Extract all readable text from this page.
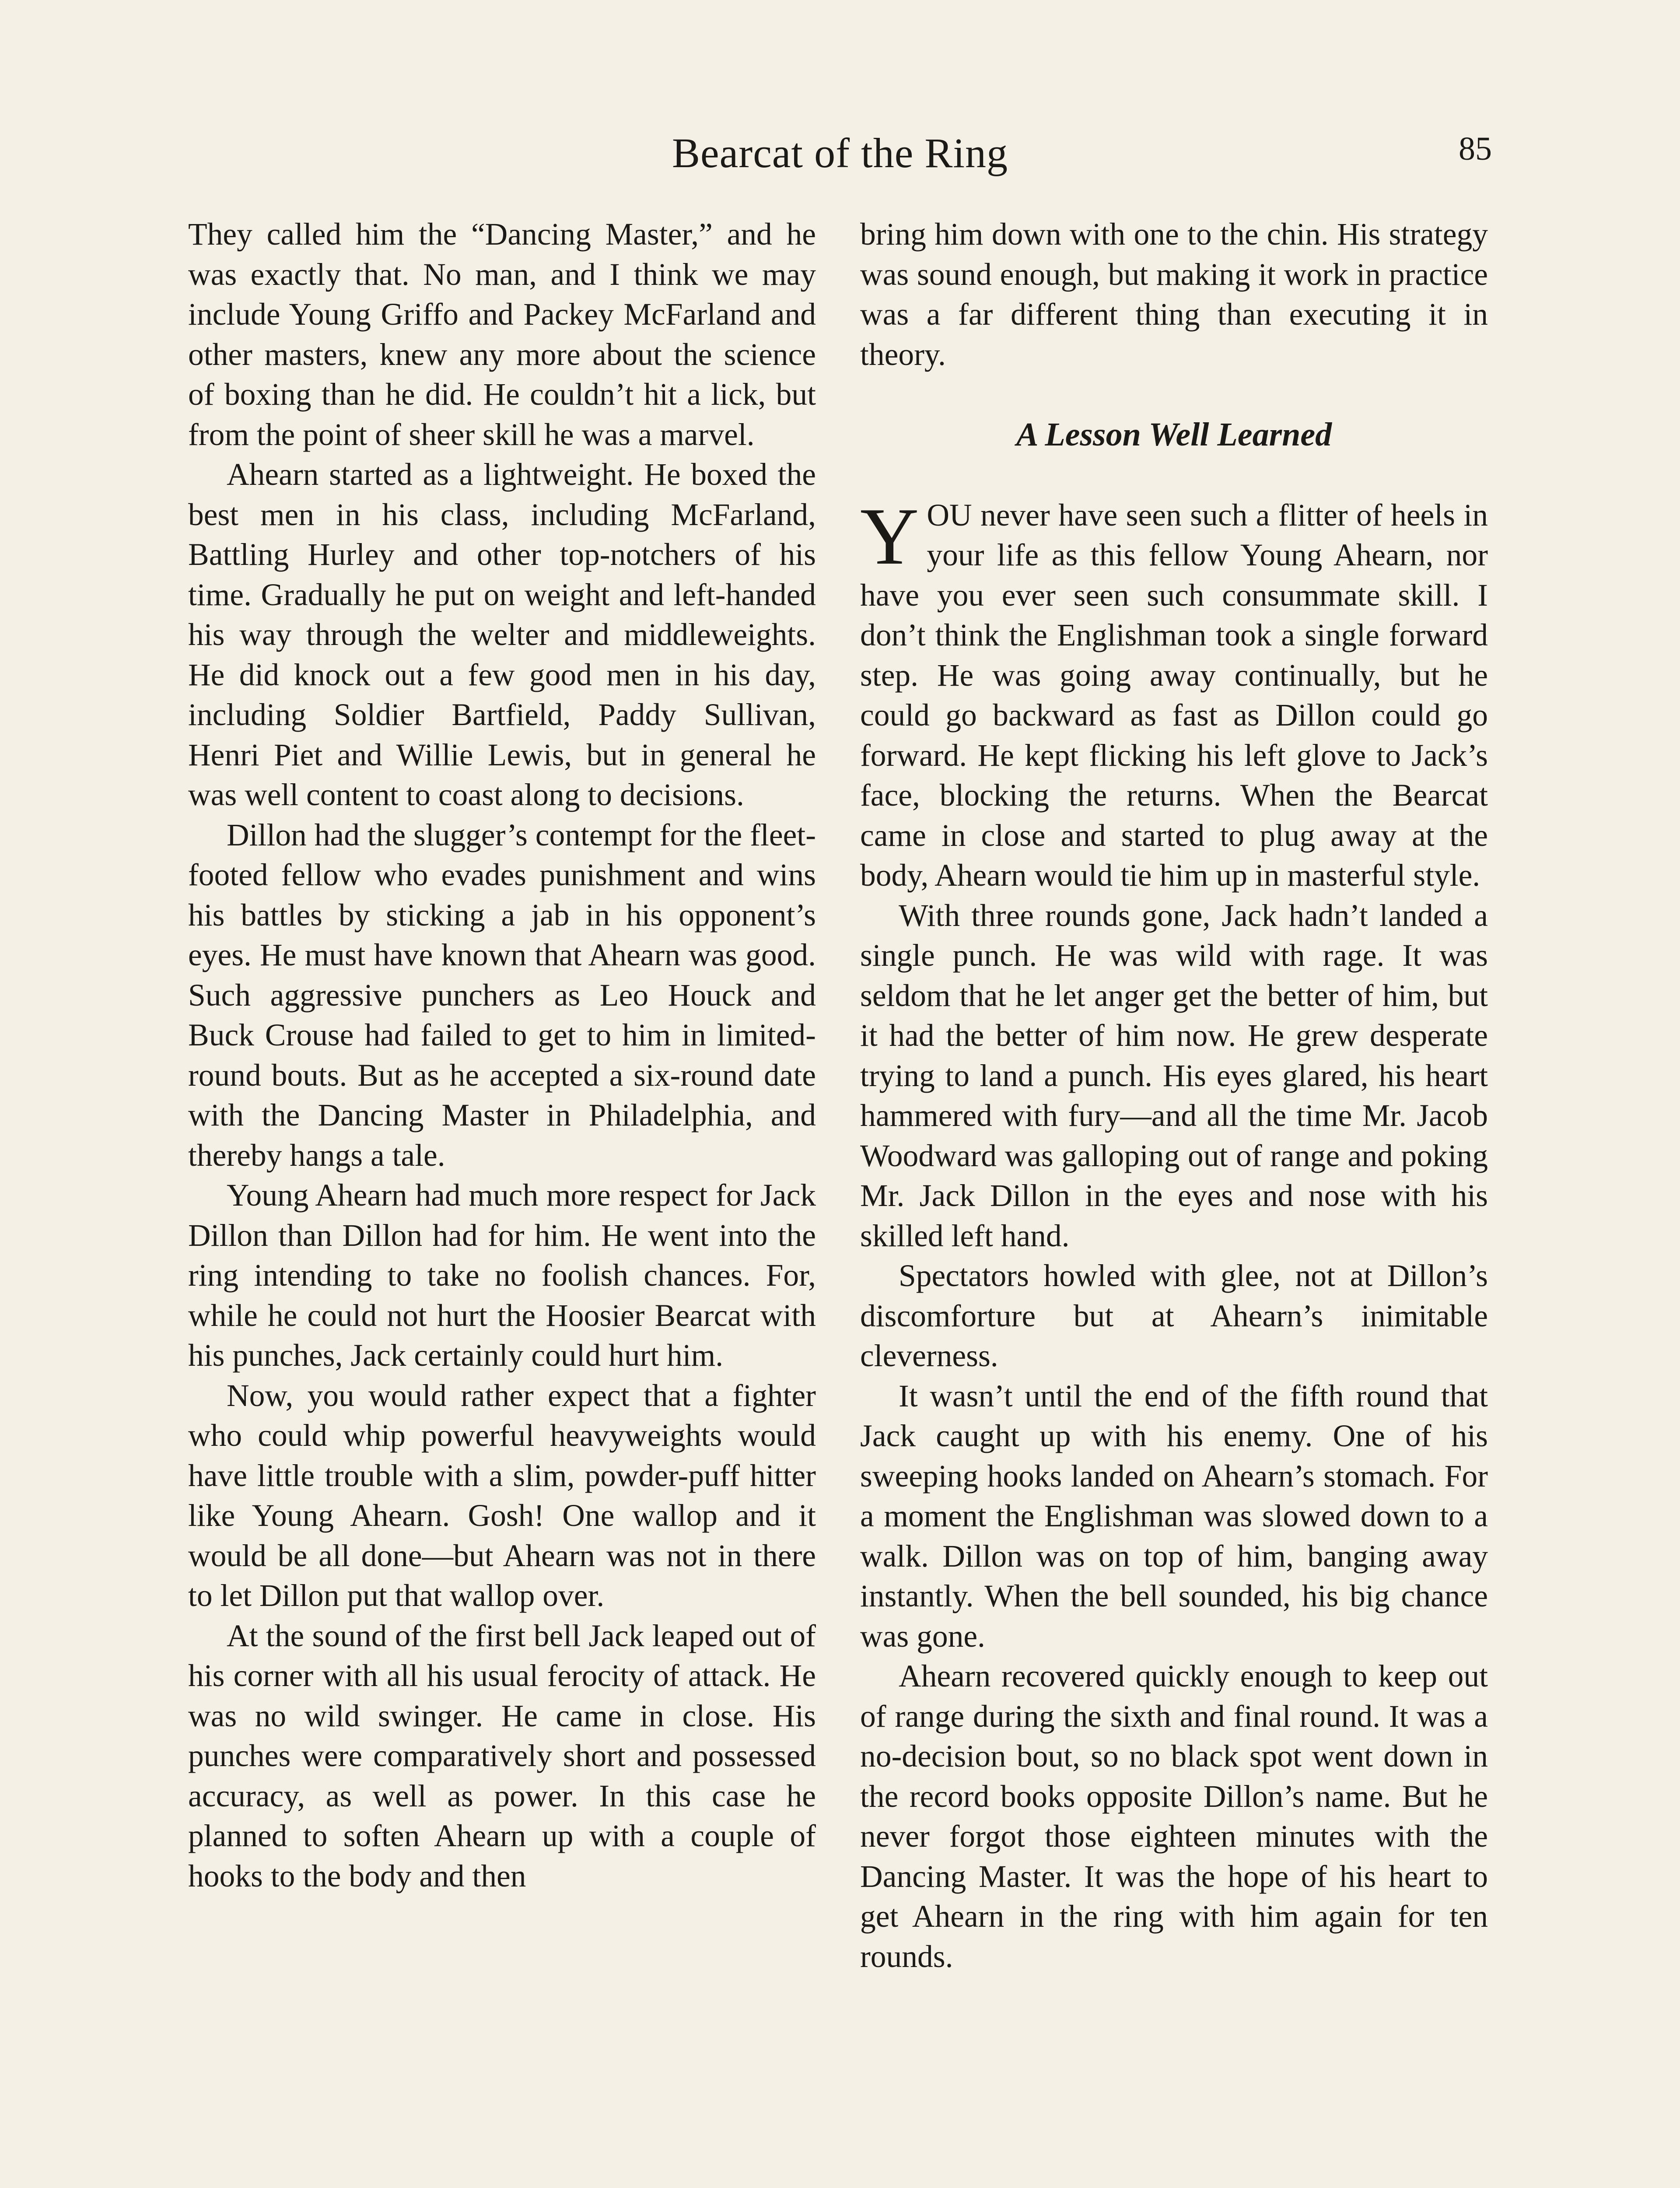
Bearcat of the Ring	85

They called him the “Dancing Master,” and he was exactly that. No man, and I think we may include Young Griffo and Packey McFarland and other masters, knew any more about the science of boxing than he did. He couldn’t hit a lick, but from the point of sheer skill he was a marvel.

Ahearn started as a lightweight. He boxed the best men in his class, including McFarland, Battling Hurley and other top-notchers of his time. Gradually he put on weight and left-handed his way through the welter and middleweights. He did knock out a few good men in his day, including Soldier Bartfield, Paddy Sullivan, Henri Piet and Willie Lewis, but in general he was well content to coast along to decisions.

Dillon had the slugger’s contempt for the fleet-footed fellow who evades punishment and wins his battles by sticking a jab in his opponent’s eyes. He must have known that Ahearn was good. Such aggressive punchers as Leo Houck and Buck Crouse had failed to get to him in limited-round bouts. But as he accepted a six-round date with the Dancing Master in Philadelphia, and thereby hangs a tale.

Young Ahearn had much more respect for Jack Dillon than Dillon had for him. He went into the ring intending to take no foolish chances. For, while he could not hurt the Hoosier Bearcat with his punches, Jack certainly could hurt him.

Now, you would rather expect that a fighter who could whip powerful heavyweights would have little trouble with a slim, powder-puff hitter like Young Ahearn. Gosh! One wallop and it would be all done—but Ahearn was not in there to let Dillon put that wallop over.

At the sound of the first bell Jack leaped out of his corner with all his usual ferocity of attack. He was no wild swinger. He came in close. His punches were comparatively short and possessed accuracy, as well as power. In this case he planned to soften Ahearn up with a couple of hooks to the body and then

bring him down with one to the chin. His strategy was sound enough, but making it work in practice was a far different thing than executing it in theory.

A Lesson Well Learned

YOU never have seen such a flitter of heels in your life as this fellow Young Ahearn, nor have you ever seen such consummate skill. I don’t think the Englishman took a single forward step. He was going away continually, but he could go backward as fast as Dillon could go forward. He kept flicking his left glove to Jack’s face, blocking the returns. When the Bearcat came in close and started to plug away at the body, Ahearn would tie him up in masterful style.

With three rounds gone, Jack hadn’t landed a single punch. He was wild with rage. It was seldom that he let anger get the better of him, but it had the better of him now. He grew desperate trying to land a punch. His eyes glared, his heart hammered with fury—and all the time Mr. Jacob Woodward was galloping out of range and poking Mr. Jack Dillon in the eyes and nose with his skilled left hand.

Spectators howled with glee, not at Dillon’s discomforture but at Ahearn’s inimitable cleverness.

It wasn’t until the end of the fifth round that Jack caught up with his enemy. One of his sweeping hooks landed on Ahearn’s stomach. For a moment the Englishman was slowed down to a walk. Dillon was on top of him, banging away instantly. When the bell sounded, his big chance was gone.

Ahearn recovered quickly enough to keep out of range during the sixth and final round. It was a no-decision bout, so no black spot went down in the record books opposite Dillon’s name. But he never forgot those eighteen minutes with the Dancing Master. It was the hope of his heart to get Ahearn in the ring with him again for ten rounds.
